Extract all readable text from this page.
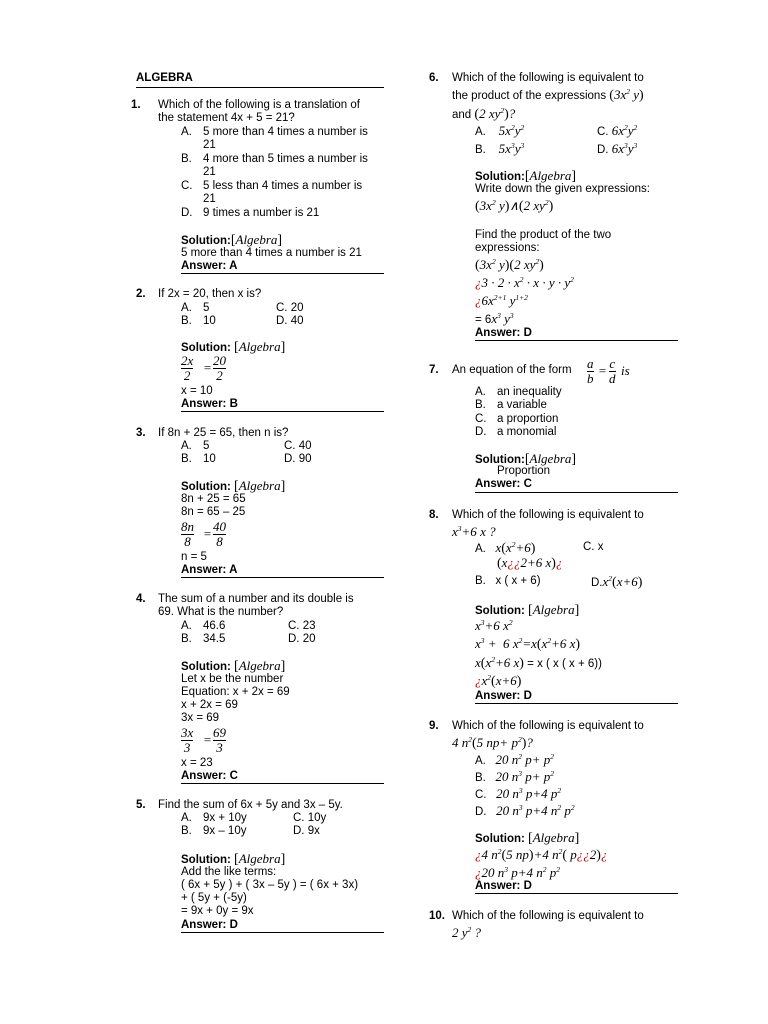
ALGEBRA
1. Which of the following is a translation of
the statement 4x + 5 = 21?
A. 5 more than 4 times a number is
21
B. 4 more than 5 times a number is
21
C. 5 less than 4 times a number is
21
D. 9 times a number is 21
Solution:[Algebra]
5 more than 4 times a number is 21
Answer: A
2. If 2x = 20, then x is?
A. 5	C. 20
B. 10	D. 40
Solution: [Algebra]
$\frac{2x}{2} = \frac{20}{2}$
x = 10
Answer: B
3. If 8n + 25 = 65, then n is?
A. 5	C. 40
B. 10	D. 90
Solution: [Algebra]
8n + 25 = 65
8n = 65 – 25
$\frac{8n}{8} = \frac{40}{8}$
n = 5
Answer: A
4. The sum of a number and its double is
69. What is the number?
A. 46.6	C. 23
B. 34.5	D. 20
Solution: [Algebra]
Let x be the number
Equation: x + 2x = 69
x + 2x = 69
3x = 69
$\frac{3x}{3} = \frac{69}{3}$
x = 23
Answer: C
5. Find the sum of 6x + 5y and 3x – 5y.
A. 9x + 10y	C. 10y
B. 9x – 10y	D. 9x
Solution: [Algebra]
Add the like terms:
( 6x + 5y ) + ( 3x – 5y ) = ( 6x + 3x)
+ ( 5y + (-5y)
= 9x + 0y = 9x
Answer: D
6. Which of the following is equivalent to
the product of the expressions ($3x^2$ y)
and (2 $xy^2$)?
A. $5x^2y^2$	C. $6x^2y^2$
B. $5x^3y^3$	D. $6x^3y^3$
Solution:[Algebra]
Write down the given expressions:
($3x^2$ y)∧(2 $xy^2$)
Find the product of the two
expressions:
($3x^2$ y)(2 $xy^2$)
¿$3 \cdot 2 \cdot x^2 \cdot x \cdot y \cdot y^2$
¿$6x^{2+1}$ $y^{1+2}$
= $6x^3$ $y^3$
Answer: D
7. An equation of the form $\frac{a}{b} = \frac{c}{d}$ is
A. an inequality
B. a variable
C. a proportion
D. a monomial
Solution:[Algebra]
Proportion
Answer: C
8. Which of the following is equivalent to
$x^3+6$ x ?
A. $x(x^2+6)$	C. x
(x¿¿2+6 x)¿
B. x ( x + 6)	$D.x^2(x+6)$
Solution: [Algebra]
$x^3+6$ $x^2$
$x^3 + 6$ $x^2=x(x^2+6$ x)
$x(x^2+6$ x) = x ( x ( x + 6))
¿$x^2(x+6)$
Answer: D
9. Which of the following is equivalent to
4 $n^2(5$ $np+ p^2$)?
A. 20 $n^2$ $p+ p^2$
B. 20 $n^3$ $p+ p^2$
C. 20 $n^3$ p+4 $p^2$
D. 20 $n^3$ p+4 $n^2$ $p^2$
Solution: [Algebra]
¿4 $n^2(5$ np)+4 $n^2$( p¿¿2)¿
¿20 $n^3$ p+4 $n^2$ $p^2$
Answer: D
10. Which of the following is equivalent to
2 $y^2$ ?
